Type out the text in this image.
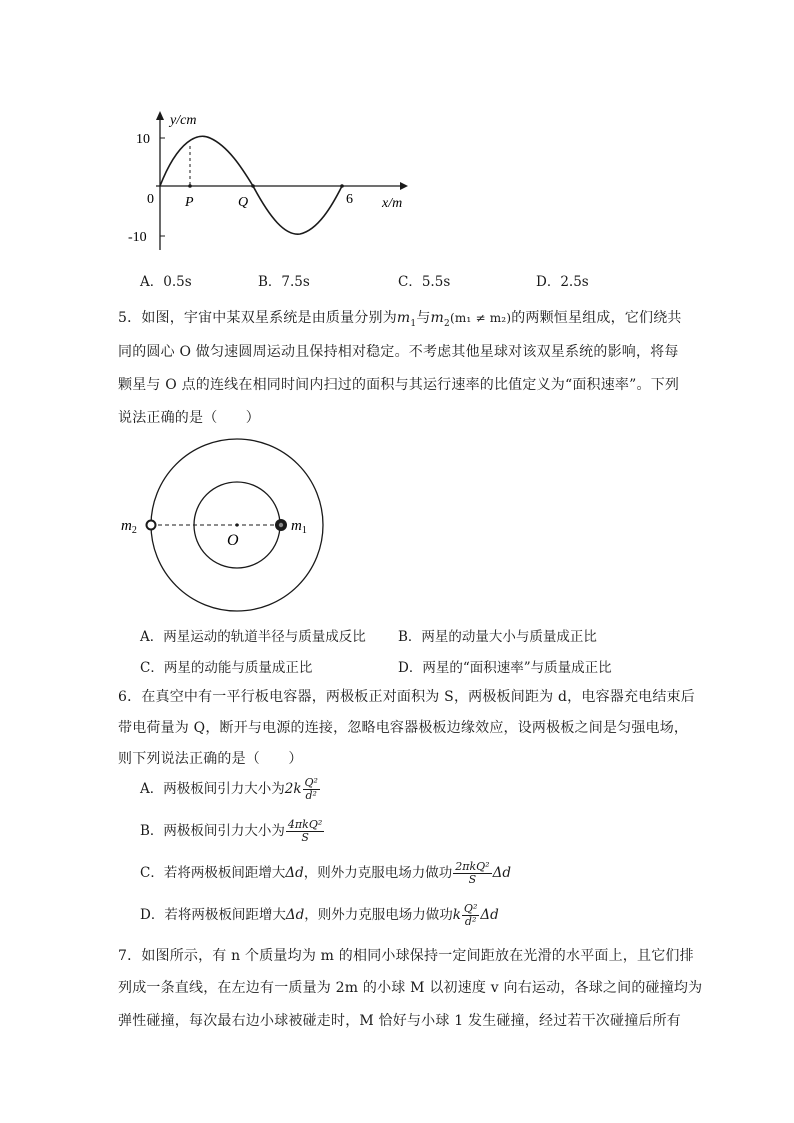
y/cm
10
-10
0 P	Q	6 x/m
A．0.5s	B．7.5s	C．5.5s	D．2.5s
5．如图，宇宙中某双星系统是由质量分别为$m_1$与$m_2(m_1 \ne m_2)$的两颗恒星组成，它们绕共
同的圆心 O 做匀速圆周运动且保持相对稳定。不考虑其他星球对该双星系统的影响，将每
颗星与 O 点的连线在相同时间内扫过的面积与其运行速率的比值定义为“面积速率”。下列
说法正确的是（　　）
$m_2$	$m_1$
O
A．两星运动的轨道半径与质量成反比 B．两星的动量大小与质量成正比
C．两星的动能与质量成正比	D．两星的“面积速率”与质量成正比
6．在真空中有一平行板电容器，两极板正对面积为 S，两极板间距为 d，电容器充电结束后
带电荷量为 Q，断开与电源的连接，忽略电容器极板边缘效应，设两极板之间是匀强电场，
则下列说法正确的是（　　）
A．两极板间引力大小为$2k \frac{\text{Q²}}{\text{d²}}$
B．两极板间引力大小为 $\frac{\text{4πkQ²}}{S}$
C．若将两极板间距增大Δd，则外力克服电场力做功 $\frac{\text{2πkQ²}}{S}$ Δd
D．若将两极板间距增大Δd，则外力克服电场力做功k $\frac{\text{Q²}}{\text{d²}}$ Δd
7．如图所示，有 n 个质量均为 m 的相同小球保持一定间距放在光滑的水平面上，且它们排
列成一条直线，在左边有一质量为 2m 的小球 M 以初速度 v 向右运动，各球之间的碰撞均为
弹性碰撞，每次最右边小球被碰走时，M 恰好与小球 1 发生碰撞，经过若干次碰撞后所有
